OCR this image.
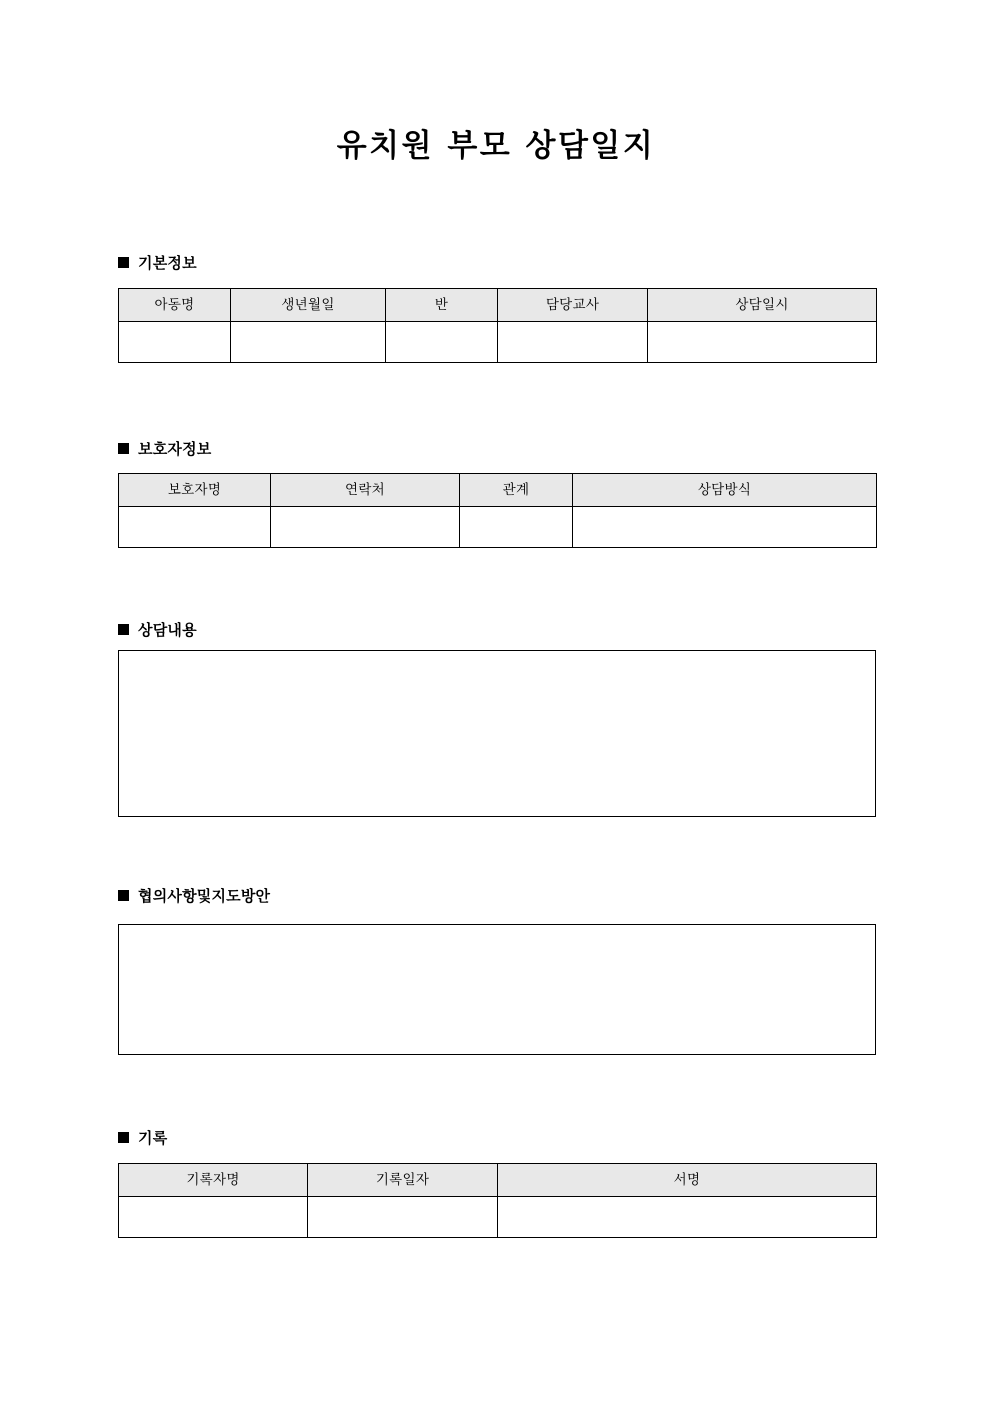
유치원 부모 상담일지
기본정보
아동명	생년월일	반	담당교사	상담일시

보호자정보
보호자명	연락처	관계	상담방식

상담내용
협의사항및지도방안
기록
기록자명	기록일자	서명
